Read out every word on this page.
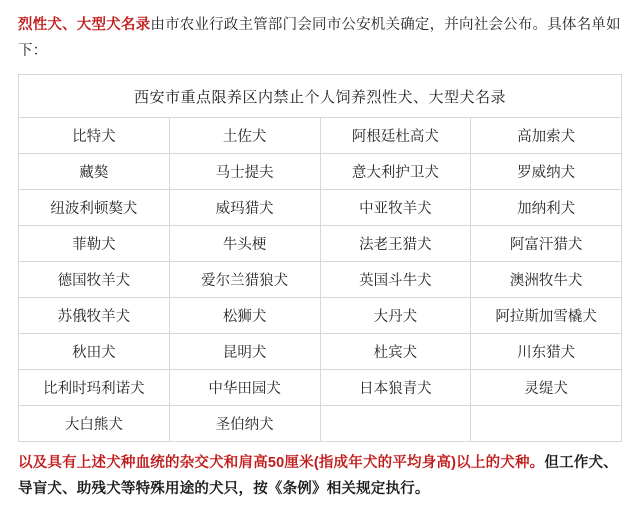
烈性犬、大型犬名录由市农业行政主管部门会同市公安机关确定，并向社会公布。具体名单如下：

西安市重点限养区内禁止个人饲养烈性犬、大型犬名录			
比特犬	土佐犬	阿根廷杜高犬	高加索犬
藏獒	马士提夫	意大利护卫犬	罗威纳犬
纽波利顿獒犬	威玛猎犬	中亚牧羊犬	加纳利犬
菲勒犬	牛头梗	法老王猎犬	阿富汗猎犬
德国牧羊犬	爱尔兰猎狼犬	英国斗牛犬	澳洲牧牛犬
苏俄牧羊犬	松狮犬	大丹犬	阿拉斯加雪橇犬
秋田犬	昆明犬	杜宾犬	川东猎犬
比利时玛利诺犬	中华田园犬	日本狼青犬	灵缇犬
大白熊犬	圣伯纳犬		

以及具有上述犬种血统的杂交犬和肩高50厘米(指成年犬的平均身高)以上的犬种。但工作犬、导盲犬、助残犬等特殊用途的犬只，按《条例》相关规定执行。
